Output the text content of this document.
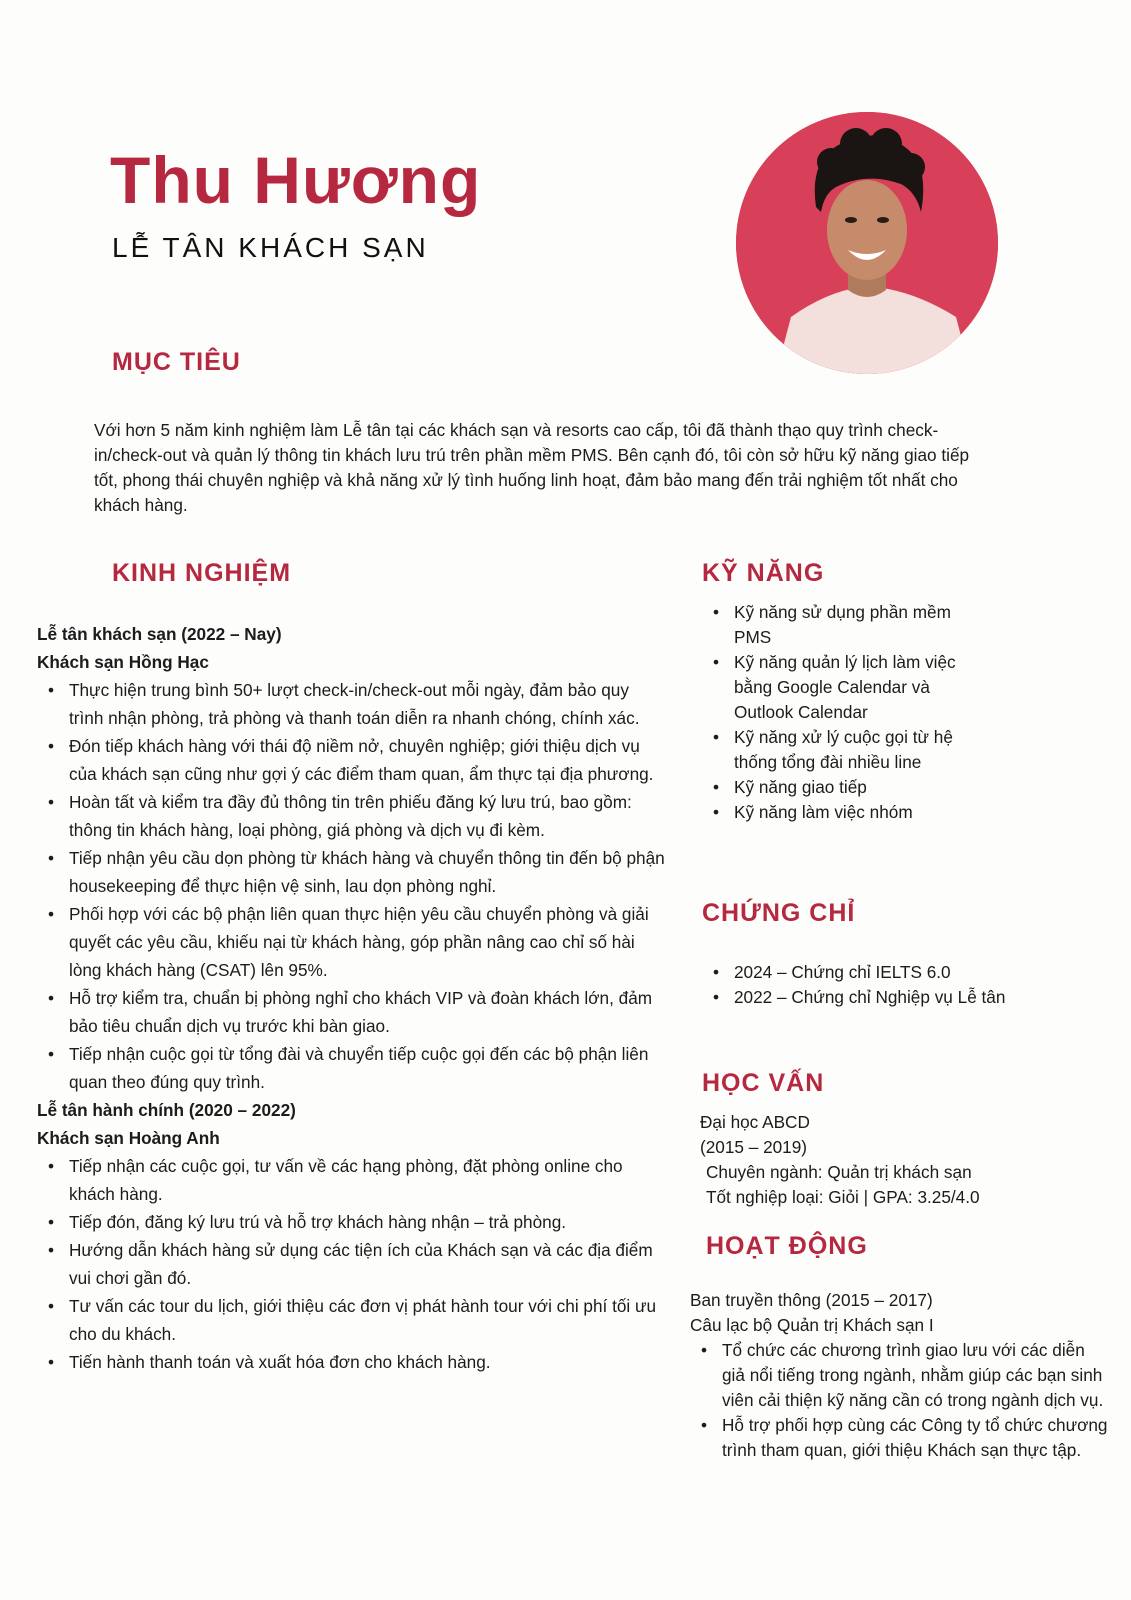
Thu Hương
LỄ TÂN KHÁCH SẠN
MỤC TIÊU

Với hơn 5 năm kinh nghiệm làm Lễ tân tại các khách sạn và resorts cao cấp, tôi đã thành thạo quy trình check-in/check-out và quản lý thông tin khách lưu trú trên phần mềm PMS. Bên cạnh đó, tôi còn sở hữu kỹ năng giao tiếp tốt, phong thái chuyên nghiệp và khả năng xử lý tình huống linh hoạt, đảm bảo mang đến trải nghiệm tốt nhất cho khách hàng.

KINH NGHIỆM
Lễ tân khách sạn (2022 – Nay)
Khách sạn Hồng Hạc
• Thực hiện trung bình 50+ lượt check-in/check-out mỗi ngày, đảm bảo quy trình nhận phòng, trả phòng và thanh toán diễn ra nhanh chóng, chính xác.
• Đón tiếp khách hàng với thái độ niềm nở, chuyên nghiệp; giới thiệu dịch vụ của khách sạn cũng như gợi ý các điểm tham quan, ẩm thực tại địa phương.
• Hoàn tất và kiểm tra đầy đủ thông tin trên phiếu đăng ký lưu trú, bao gồm: thông tin khách hàng, loại phòng, giá phòng và dịch vụ đi kèm.
• Tiếp nhận yêu cầu dọn phòng từ khách hàng và chuyển thông tin đến bộ phận housekeeping để thực hiện vệ sinh, lau dọn phòng nghỉ.
• Phối hợp với các bộ phận liên quan thực hiện yêu cầu chuyển phòng và giải quyết các yêu cầu, khiếu nại từ khách hàng, góp phần nâng cao chỉ số hài lòng khách hàng (CSAT) lên 95%.
• Hỗ trợ kiểm tra, chuẩn bị phòng nghỉ cho khách VIP và đoàn khách lớn, đảm bảo tiêu chuẩn dịch vụ trước khi bàn giao.
• Tiếp nhận cuộc gọi từ tổng đài và chuyển tiếp cuộc gọi đến các bộ phận liên quan theo đúng quy trình.
Lễ tân hành chính (2020 – 2022)
Khách sạn Hoàng Anh
• Tiếp nhận các cuộc gọi, tư vấn về các hạng phòng, đặt phòng online cho khách hàng.
• Tiếp đón, đăng ký lưu trú và hỗ trợ khách hàng nhận – trả phòng.
• Hướng dẫn khách hàng sử dụng các tiện ích của Khách sạn và các địa điểm vui chơi gần đó.
• Tư vấn các tour du lịch, giới thiệu các đơn vị phát hành tour với chi phí tối ưu cho du khách.
• Tiến hành thanh toán và xuất hóa đơn cho khách hàng.
KỸ NĂNG
• Kỹ năng sử dụng phần mềm PMS
• Kỹ năng quản lý lịch làm việc bằng Google Calendar và Outlook Calendar
• Kỹ năng xử lý cuộc gọi từ hệ thống tổng đài nhiều line
• Kỹ năng giao tiếp
• Kỹ năng làm việc nhóm
CHỨNG CHỈ
• 2024 – Chứng chỉ IELTS 6.0
• 2022 – Chứng chỉ Nghiệp vụ Lễ tân
HỌC VẤN
Đại học ABCD
(2015 – 2019)
Chuyên ngành: Quản trị khách sạn
Tốt nghiệp loại: Giỏi | GPA: 3.25/4.0
HOẠT ĐỘNG
Ban truyền thông (2015 – 2017)
Câu lạc bộ Quản trị Khách sạn I
• Tổ chức các chương trình giao lưu với các diễn giả nổi tiếng trong ngành, nhằm giúp các bạn sinh viên cải thiện kỹ năng cần có trong ngành dịch vụ.
• Hỗ trợ phối hợp cùng các Công ty tổ chức chương trình tham quan, giới thiệu Khách sạn thực tập.
